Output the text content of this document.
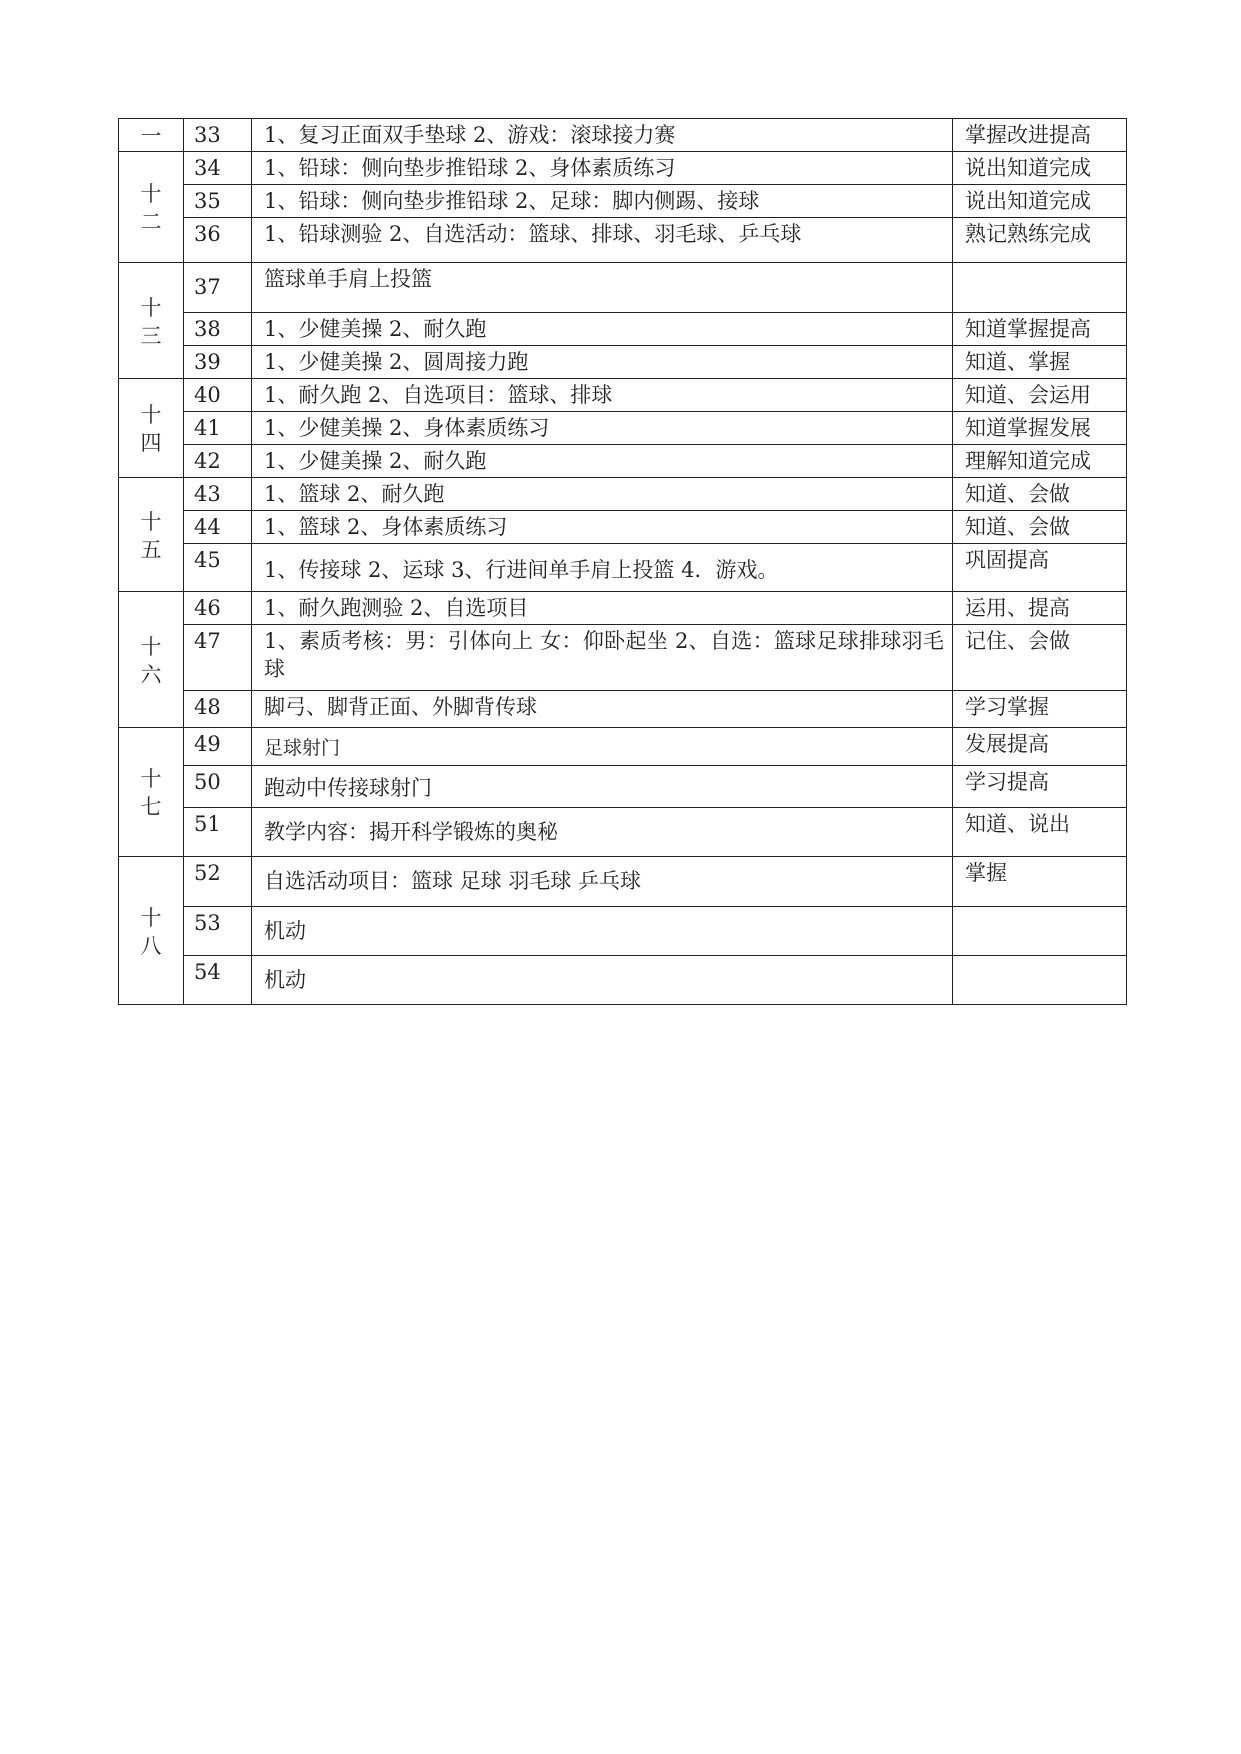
一	33	1、复习正面双手垫球 2、游戏：滚球接力赛	掌握改进提高

十
二	34	1、铅球：侧向垫步推铅球 2、身体素质练习	说出知道完成
	35	1、铅球：侧向垫步推铅球 2、足球：脚内侧踢、接球	说出知道完成
	36	1、铅球测验 2、自选活动：篮球、排球、羽毛球、乒乓球	熟记熟练完成

十
三	37	篮球单手肩上投篮	
	38	1、少健美操 2、耐久跑	知道掌握提高
	39	1、少健美操 2、圆周接力跑	知道、掌握

十
四	40	1、耐久跑 2、自选项目：篮球、排球	知道、会运用
	41	1、少健美操 2、身体素质练习	知道掌握发展
	42	1、少健美操 2、耐久跑	理解知道完成

十
五	43	1、篮球 2、耐久跑	知道、会做
	44	1、篮球 2、身体素质练习	知道、会做
	45	1、传接球 2、运球 3、行进间单手肩上投篮 4．游戏。	巩固提高

十
六	46	1、耐久跑测验 2、自选项目	运用、提高
	47	1、素质考核：男：引体向上 女：仰卧起坐 2、自选：篮球足球排球羽毛球	记住、会做
	48	脚弓、脚背正面、外脚背传球	学习掌握

十
七	49	足球射门	发展提高
	50	跑动中传接球射门	学习提高
	51	教学内容：揭开科学锻炼的奥秘	知道、说出

十
八	52	自选活动项目：篮球 足球 羽毛球 乒乓球	掌握
	53	机动	
	54	机动	
